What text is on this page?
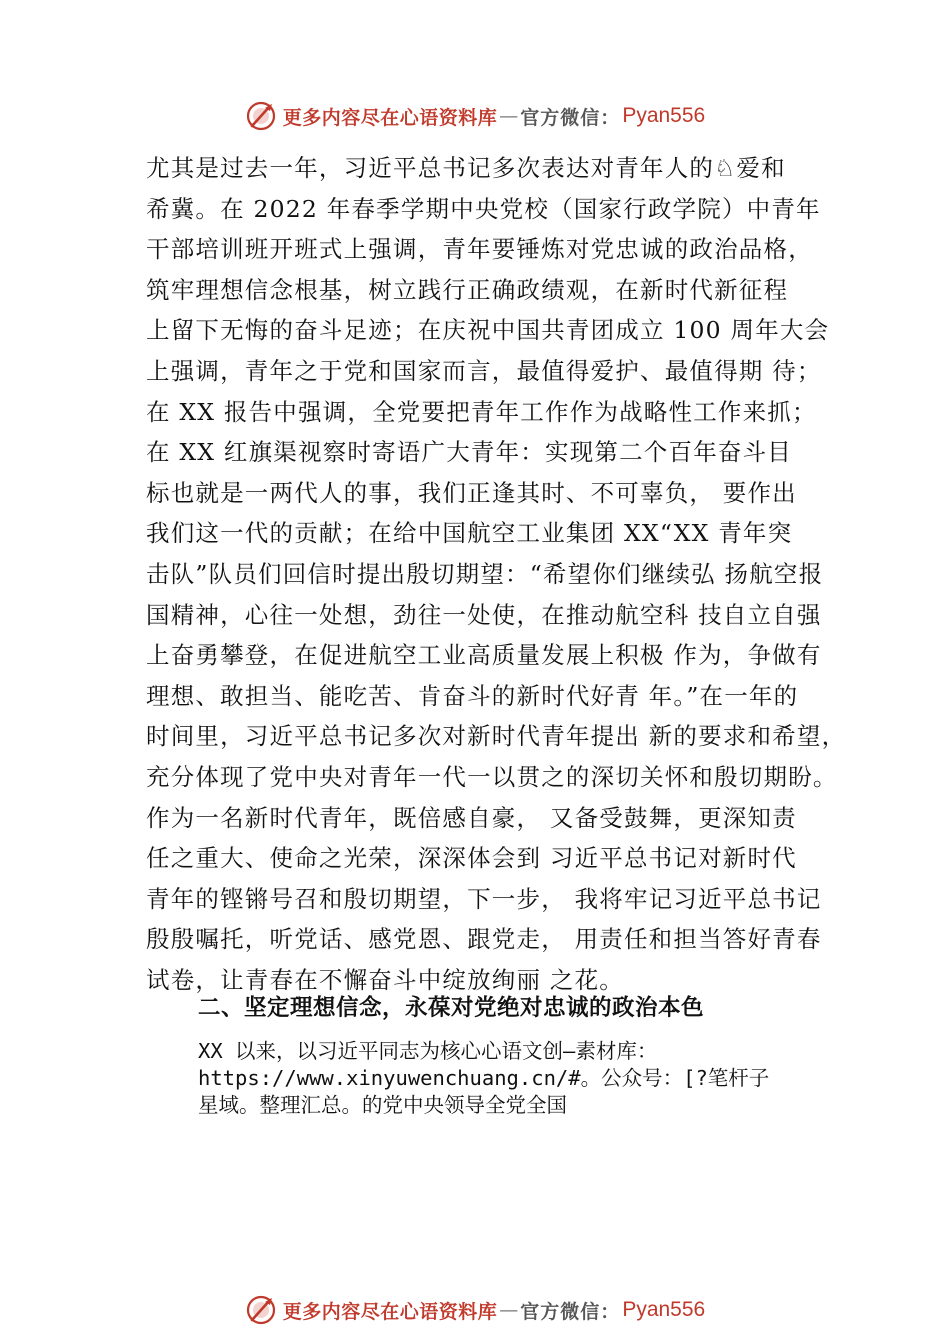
更多内容尽在心语资料库 — 官方微信： Pyan556
尤其是过去一年，习近平总书记多次表达对青年人的♘爱和
希冀。在 2022 年春季学期中央党校（国家行政学院）中青年
干部培训班开班式上强调，青年要锤炼对党忠诚的政治品格，
筑牢理想信念根基，树立践行正确政绩观，在新时代新征程
上留下无悔的奋斗足迹；在庆祝中国共青团成立 100 周年大会
上强调，青年之于党和国家而言，最值得爱护、最值得期 待；
在 XX 报告中强调，全党要把青年工作作为战略性工作来抓；
在 XX 红旗渠视察时寄语广大青年：实现第二个百年奋斗目
标也就是一两代人的事，我们正逢其时、不可辜负， 要作出
我们这一代的贡献；在给中国航空工业集团 XX“XX 青年突
击队”队员们回信时提出殷切期望：“希望你们继续弘 扬航空报
国精神，心往一处想，劲往一处使，在推动航空科 技自立自强
上奋勇攀登，在促进航空工业高质量发展上积极 作为，争做有
理想、敢担当、能吃苦、肯奋斗的新时代好青 年。”在一年的
时间里，习近平总书记多次对新时代青年提出 新的要求和希望，
充分体现了党中央对青年一代一以贯之的深切关怀和殷切期盼。
作为一名新时代青年，既倍感自豪， 又备受鼓舞，更深知责
任之重大、使命之光荣，深深体会到 习近平总书记对新时代
青年的铿锵号召和殷切期望，下一步， 我将牢记习近平总书记
殷殷嘱托，听党话、感党恩、跟党走， 用责任和担当答好青春
试卷，让青春在不懈奋斗中绽放绚丽 之花。
二、坚定理想信念，永葆对党绝对忠诚的政治本色
XX 以来，以习近平同志为核心心语文创—素材库：
https://www.xinyuwenchuang.cn/#。公众号：[?笔杆子
星域。整理汇总。的党中央领导全党全国
更多内容尽在心语资料库 — 官方微信： Pyan556
